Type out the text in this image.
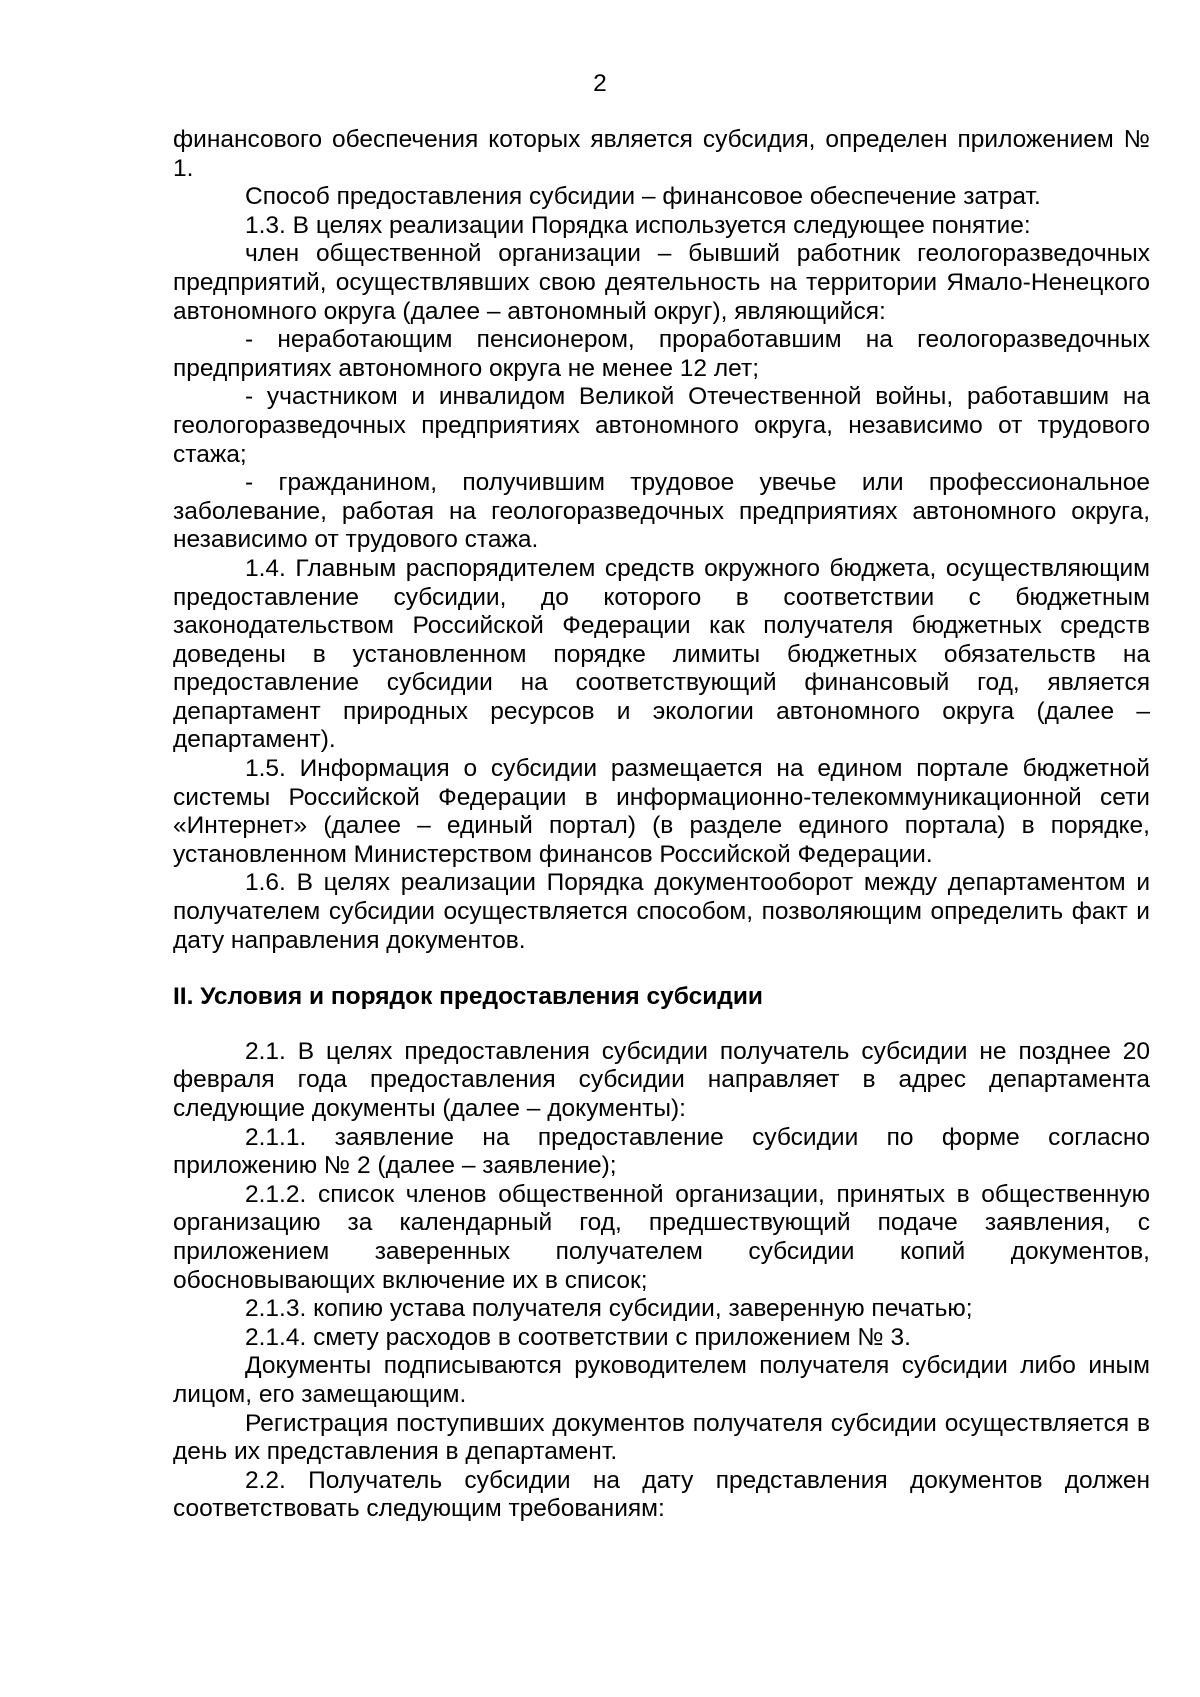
2

финансового обеспечения которых является субсидия, определен приложением № 1.

Способ предоставления субсидии – финансовое обеспечение затрат.

1.3. В целях реализации Порядка используется следующее понятие:

член общественной организации – бывший работник геологоразведочных предприятий, осуществлявших свою деятельность на территории Ямало-Ненецкого автономного округа (далее – автономный округ), являющийся:

- неработающим пенсионером, проработавшим на геологоразведочных предприятиях автономного округа не менее 12 лет;

- участником и инвалидом Великой Отечественной войны, работавшим на геологоразведочных предприятиях автономного округа, независимо от трудового стажа;

- гражданином, получившим трудовое увечье или профессиональное заболевание, работая на геологоразведочных предприятиях автономного округа, независимо от трудового стажа.

1.4. Главным распорядителем средств окружного бюджета, осуществляющим предоставление субсидии, до которого в соответствии с бюджетным законодательством Российской Федерации как получателя бюджетных средств доведены в установленном порядке лимиты бюджетных обязательств на предоставление субсидии на соответствующий финансовый год, является департамент природных ресурсов и экологии автономного округа (далее – департамент).

1.5. Информация о субсидии размещается на едином портале бюджетной системы Российской Федерации в информационно-телекоммуникационной сети «Интернет» (далее – единый портал) (в разделе единого портала) в порядке, установленном Министерством финансов Российской Федерации.

1.6. В целях реализации Порядка документооборот между департаментом и получателем субсидии осуществляется способом, позволяющим определить факт и дату направления документов.

II. Условия и порядок предоставления субсидии

2.1. В целях предоставления субсидии получатель субсидии не позднее 20 февраля года предоставления субсидии направляет в адрес департамента следующие документы (далее – документы):

2.1.1. заявление на предоставление субсидии по форме согласно приложению № 2 (далее – заявление);

2.1.2. список членов общественной организации, принятых в общественную организацию за календарный год, предшествующий подаче заявления, с приложением заверенных получателем субсидии копий документов, обосновывающих включение их в список;

2.1.3. копию устава получателя субсидии, заверенную печатью;

2.1.4. смету расходов в соответствии с приложением № 3.

Документы подписываются руководителем получателя субсидии либо иным лицом, его замещающим.

Регистрация поступивших документов получателя субсидии осуществляется в день их представления в департамент.

2.2. Получатель субсидии на дату представления документов должен соответствовать следующим требованиям:
